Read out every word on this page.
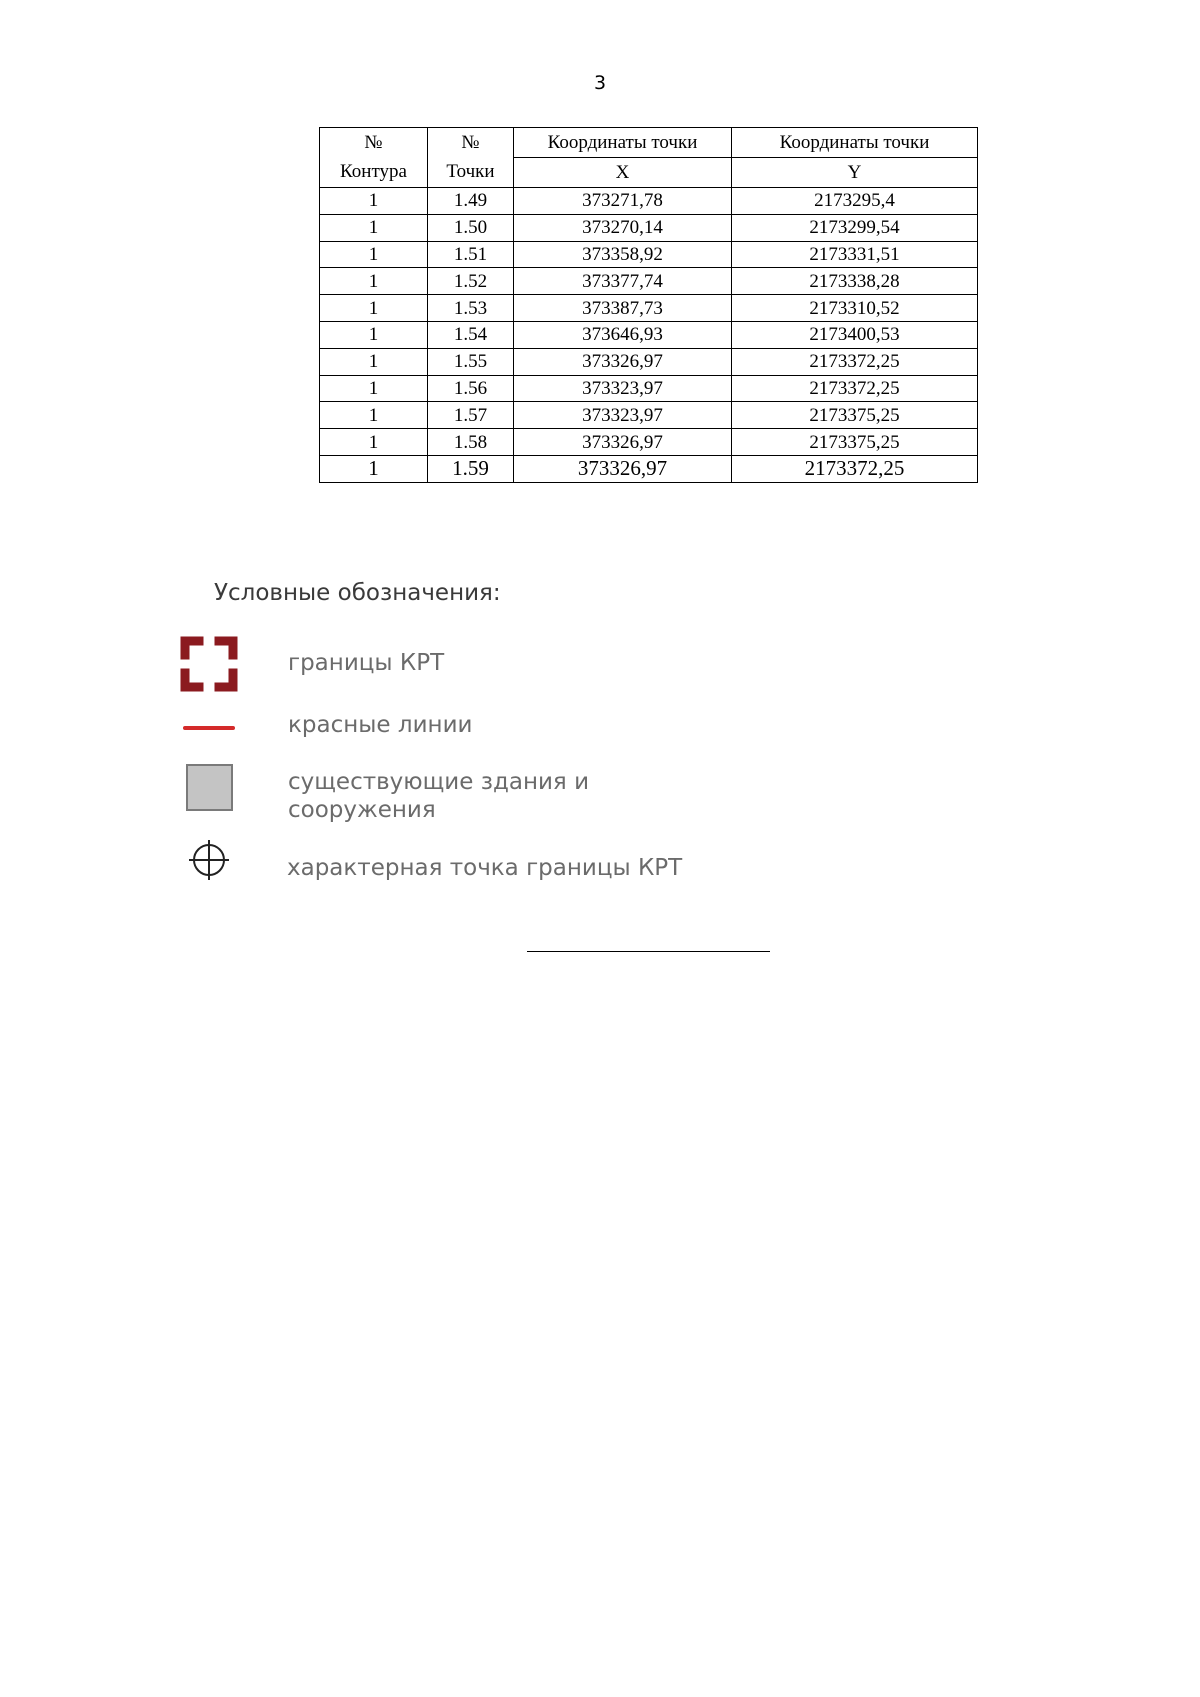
3
№	№	Координаты точки	Координаты точки
Контура	Точки	X	Y
1	1.49	373271,78	2173295,4
1	1.50	373270,14	2173299,54
1	1.51	373358,92	2173331,51
1	1.52	373377,74	2173338,28
1	1.53	373387,73	2173310,52
1	1.54	373646,93	2173400,53
1	1.55	373326,97	2173372,25
1	1.56	373323,97	2173372,25
1	1.57	373323,97	2173375,25
1	1.58	373326,97	2173375,25
1	1.59	373326,97	2173372,25
Условные обозначения:
границы КРТ
красные линии
существующие здания и
сооружения
характерная точка границы КРТ
